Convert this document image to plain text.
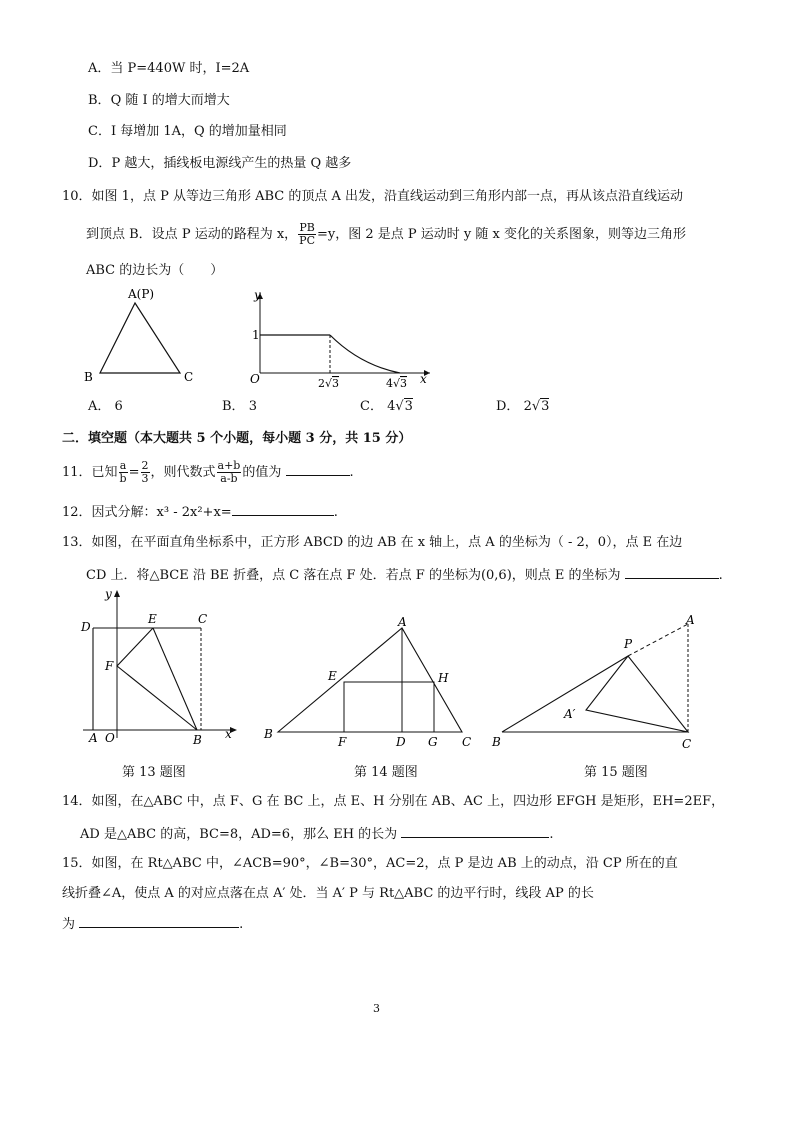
A．当 P=440W 时，I=2A
B．Q 随 I 的增大而增大
C．I 每增加 1A，Q 的增加量相同
D．P 越大，插线板电源线产生的热量 Q 越多
10．如图 1，点 P 从等边三角形 ABC 的顶点 A 出发，沿直线运动到三角形内部一点，再从该点沿直线运动
到顶点 B．设点 P 运动的路程为 x， $\frac{PB}{PC} =y$，图 2 是点 P 运动时 y 随 x 变化的关系图象，则等边三角形
ABC 的边长为（　　）
A(P)
B	C
y
x
1
O	2√3	4√3
A． 6	B． 3	C． 4√3	D． 2√3
二．填空题（本大题共 5 个小题，每小题 3 分，共 15 分）
11．已知 $\frac{a}{b} = \frac{2}{3}$ ，则代数式 $\frac{a+b}{a-b}$ 的值为	.
12．因式分解：x³ - 2x²+x=	.
13．如图，在平面直角坐标系中，正方形 ABCD 的边 AB 在 x 轴上，点 A 的坐标为（ - 2，0），点 E 在边
CD 上．将△BCE 沿 BE 折叠，点 C 落在点 F 处．若点 F 的坐标为(0,6)，则点 E 的坐标为	.
y
x
D
E	C
F
A O	B
第 13 题图
A
E	H
B
F	D G C
第 14 题图
A
P
A′
B	C
第 15 题图
14．如图，在△ABC 中，点 F、G 在 BC 上，点 E、H 分别在 AB、AC 上，四边形 EFGH 是矩形，EH=2EF，
AD 是△ABC 的高，BC=8，AD=6，那么 EH 的长为	.
15．如图，在 Rt△ABC 中，∠ACB=90°，∠B=30°，AC=2，点 P 是边 AB 上的动点，沿 CP 所在的直
线折叠∠A，使点 A 的对应点落在点 A′ 处．当 A′ P 与 Rt△ABC 的边平行时，线段 AP 的长
为	.
3
